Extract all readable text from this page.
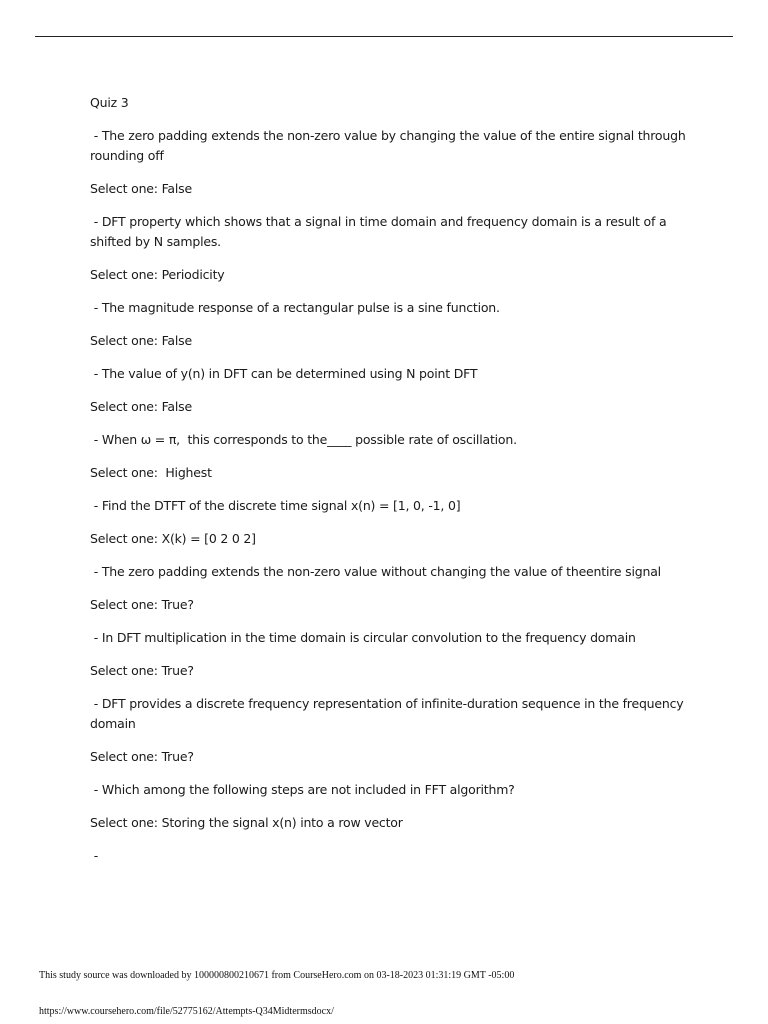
Quiz 3
- The zero padding extends the non-zero value by changing the value of the entire signal through rounding off
Select one: False
- DFT property which shows that a signal in time domain and frequency domain is a result of a shifted by N samples.
Select one: Periodicity
- The magnitude response of a rectangular pulse is a sine function.
Select one: False
- The value of y(n) in DFT can be determined using N point DFT
Select one: False
- When ω = π,  this corresponds to the____ possible rate of oscillation.
Select one:  Highest
- Find the DTFT of the discrete time signal x(n) = [1, 0, -1, 0]
Select one: X(k) = [0 2 0 2]
- The zero padding extends the non-zero value without changing the value of theentire signal
Select one: True?
- In DFT multiplication in the time domain is circular convolution to the frequency domain
Select one: True?
- DFT provides a discrete frequency representation of infinite-duration sequence in the frequency domain
Select one: True?
- Which among the following steps are not included in FFT algorithm?
Select one: Storing the signal x(n) into a row vector
-
This study source was downloaded by 100000800210671 from CourseHero.com on 03-18-2023 01:31:19 GMT -05:00
https://www.coursehero.com/file/52775162/Attempts-Q34Midtermsdocx/
